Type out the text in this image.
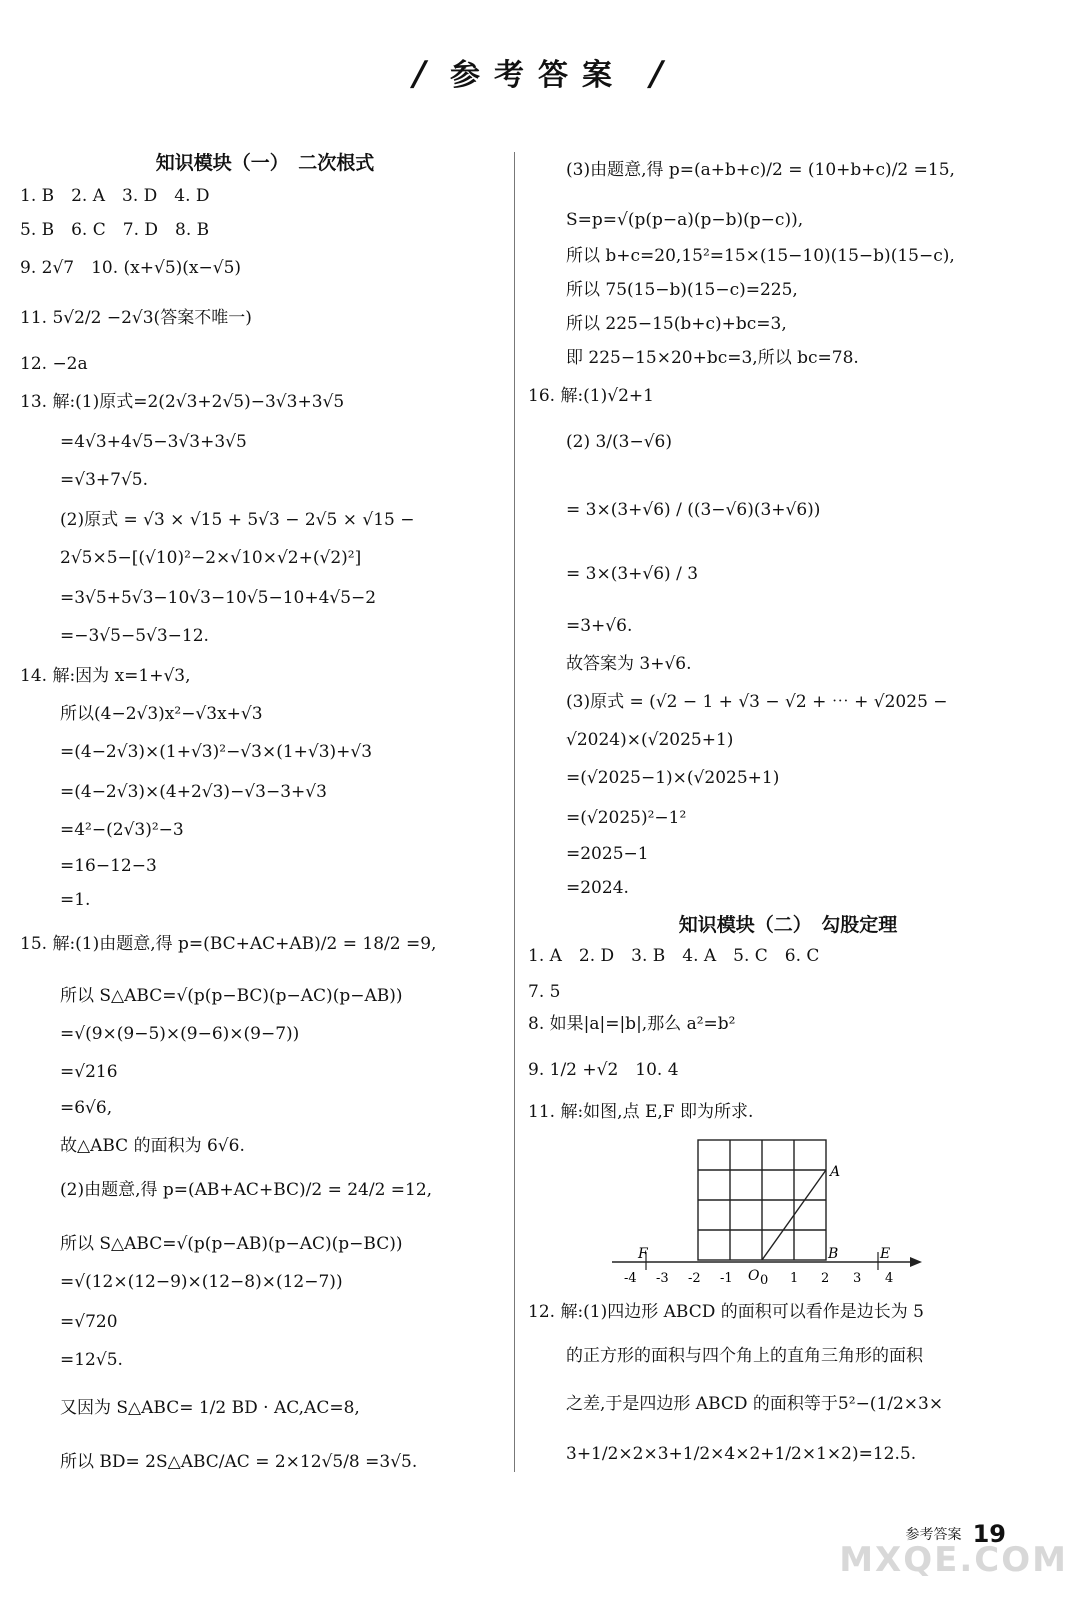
/ 参考答案 /
知识模块（一）　二次根式
1. B　2. A　3. D　4. D
5. B　6. C　7. D　8. B
9. 2√7　10. (x+√5)(x−√5)
11. 5√2/2 −2√3(答案不唯一)
12. −2a
13. 解:(1)原式=2(2√3+2√5)−3√3+3√5
=4√3+4√5−3√3+3√5
=√3+7√5.
(2)原式 = √3 × √15 + 5√3 − 2√5 × √15 −
2√5×5−[(√10)²−2×√10×√2+(√2)²]
=3√5+5√3−10√3−10√5−10+4√5−2
=−3√5−5√3−12.
14. 解:因为 x=1+√3,
所以(4−2√3)x²−√3x+√3
=(4−2√3)×(1+√3)²−√3×(1+√3)+√3
=(4−2√3)×(4+2√3)−√3−3+√3
=4²−(2√3)²−3
=16−12−3
=1.
15. 解:(1)由题意,得 p=(BC+AC+AB)/2 = 18/2 =9,
所以 S△ABC=√(p(p−BC)(p−AC)(p−AB))
=√(9×(9−5)×(9−6)×(9−7))
=√216
=6√6,
故△ABC 的面积为 6√6.
(2)由题意,得 p=(AB+AC+BC)/2 = 24/2 =12,
所以 S△ABC=√(p(p−AB)(p−AC)(p−BC))
=√(12×(12−9)×(12−8)×(12−7))
=√720
=12√5.
又因为 S△ABC= 1/2 BD · AC,AC=8,
所以 BD= 2S△ABC/AC = 2×12√5/8 =3√5.
(3)由题意,得 p=(a+b+c)/2 = (10+b+c)/2 =15,
S=p=√(p(p−a)(p−b)(p−c)),
所以 b+c=20,15²=15×(15−10)(15−b)(15−c),
所以 75(15−b)(15−c)=225,
所以 225−15(b+c)+bc=3,
即 225−15×20+bc=3,所以 bc=78.
16. 解:(1)√2+1
(2) 3/(3−√6)
= 3×(3+√6) / ((3−√6)(3+√6))
= 3×(3+√6) / 3
=3+√6.
故答案为 3+√6.
(3)原式 = (√2 − 1 + √3 − √2 + ⋯ + √2025 −
√2024)×(√2025+1)
=(√2025−1)×(√2025+1)
=(√2025)²−1²
=2025−1
=2024.
知识模块（二）　勾股定理
1. A　2. D　3. B　4. A　5. C　6. C
7. 5
8. 如果|a|=|b|,那么 a²=b²
9. 1/2 +√2　10. 4
11. 解:如图,点 E,F 即为所求.
12. 解:(1)四边形 ABCD 的面积可以看作是边长为 5
的正方形的面积与四个角上的直角三角形的面积
之差,于是四边形 ABCD 的面积等于5²−(1/2×3×
3+1/2×2×3+1/2×4×2+1/2×1×2)=12.5.
A
B	E
F
O
-4 -3 -2 -1 0 1 2 3 4
参考答案 19
MXQE.COM
